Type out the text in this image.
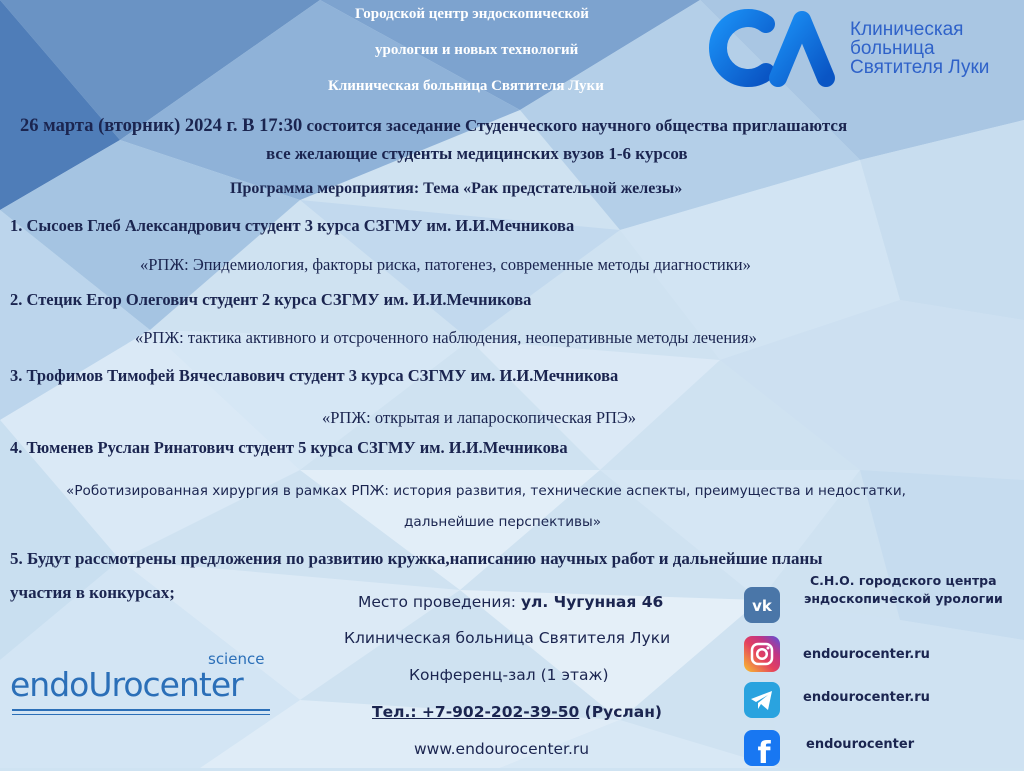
Городской центр эндоскопической
урологии и новых технологий
Клиническая больница Святителя Луки
Клиническая больница Святителя Луки
26 марта (вторник) 2024 г. В 17:30 состоится заседание Студенческого научного общества приглашаются
все желающие студенты медицинских вузов 1-6 курсов
Программа мероприятия: Тема «Рак предстательной железы»
1. Сысоев Глеб Александрович студент 3 курса СЗГМУ им. И.И.Мечникова
«РПЖ: Эпидемиология, факторы риска, патогенез, современные методы диагностики»
2. Стецик Егор Олегович студент 2 курса СЗГМУ им. И.И.Мечникова
«РПЖ: тактика активного и отсроченного наблюдения, неоперативные методы лечения»
3. Трофимов Тимофей Вячеславович студент 3 курса СЗГМУ им. И.И.Мечникова
«РПЖ: открытая и лапароскопическая РПЭ»
4. Тюменев Руслан Ринатович студент 5 курса СЗГМУ им. И.И.Мечникова
«Роботизированная хирургия в рамках РПЖ: история развития, технические аспекты, преимущества и недостатки,
дальнейшие перспективы»
5. Будут рассмотрены предложения по развитию кружка,написанию научных работ и дальнейшие планы
участия в конкурсах;	Место проведения: ул. Чугунная 46
Клиническая больница Святителя Луки
Конференц-зал (1 этаж)
Тел.: +7-902-202-39-50 (Руслан)
www.endourocenter.ru
С.Н.О. городского центра
эндоскопической урологии
vk
endourocenter.ru
endourocenter.ru
f	endourocenter
science
endoUrocenter
